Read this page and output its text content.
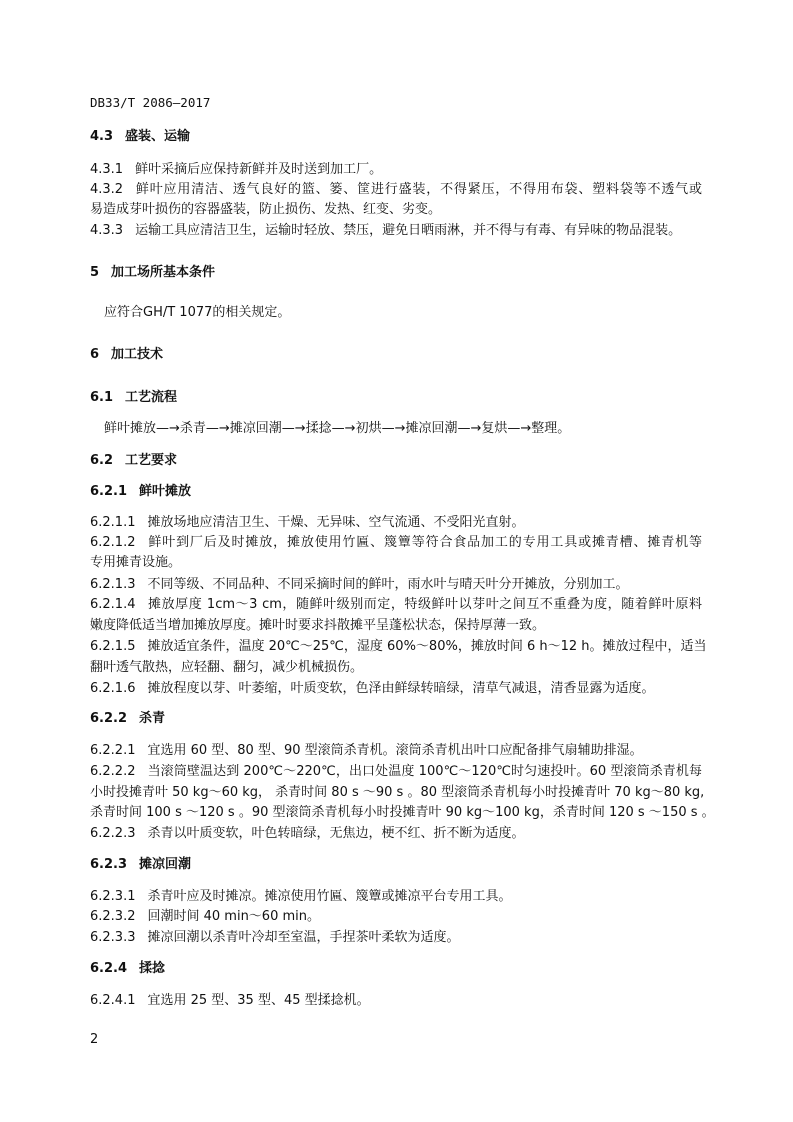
DB33/T 2086—2017
4.3 盛装、运输
4.3.1 鲜叶采摘后应保持新鲜并及时送到加工厂。
4.3.2 鲜叶应用清洁、透气良好的篮、篓、筐进行盛装，不得紧压，不得用布袋、塑料袋等不透气或
易造成芽叶损伤的容器盛装，防止损伤、发热、红变、劣变。
4.3.3 运输工具应清洁卫生，运输时轻放、禁压，避免日晒雨淋，并不得与有毒、有异味的物品混装。
5 加工场所基本条件
应符合GH/T 1077的相关规定。
6 加工技术
6.1 工艺流程
鲜叶摊放—→杀青—→摊凉回潮—→揉捻—→初烘—→摊凉回潮—→复烘—→整理。
6.2 工艺要求
6.2.1 鲜叶摊放
6.2.1.1 摊放场地应清洁卫生、干燥、无异味、空气流通、不受阳光直射。
6.2.1.2 鲜叶到厂后及时摊放，摊放使用竹匾、篾簟等符合食品加工的专用工具或摊青槽、摊青机等
专用摊青设施。
6.2.1.3 不同等级、不同品种、不同采摘时间的鲜叶，雨水叶与晴天叶分开摊放，分别加工。
6.2.1.4 摊放厚度 1cm～3 cm，随鲜叶级别而定，特级鲜叶以芽叶之间互不重叠为度，随着鲜叶原料
嫩度降低适当增加摊放厚度。摊叶时要求抖散摊平呈蓬松状态，保持厚薄一致。
6.2.1.5 摊放适宜条件，温度 20℃～25℃，湿度 60%～80%，摊放时间 6 h～12 h。摊放过程中，适当
翻叶透气散热，应轻翻、翻匀，减少机械损伤。
6.2.1.6 摊放程度以芽、叶萎缩，叶质变软，色泽由鲜绿转暗绿，清草气减退，清香显露为适度。
6.2.2 杀青
6.2.2.1 宜选用 60 型、80 型、90 型滚筒杀青机。滚筒杀青机出叶口应配备排气扇辅助排湿。
6.2.2.2 当滚筒壁温达到 200℃～220℃，出口处温度 100℃～120℃时匀速投叶。60 型滚筒杀青机每
小时投摊青叶 50 kg～60 kg， 杀青时间 80 s ～90 s 。80 型滚筒杀青机每小时投摊青叶 70 kg～80 kg,
杀青时间 100 s ～120 s 。90 型滚筒杀青机每小时投摊青叶 90 kg～100 kg，杀青时间 120 s ～150 s 。
6.2.2.3 杀青以叶质变软，叶色转暗绿，无焦边，梗不红、折不断为适度。
6.2.3 摊凉回潮
6.2.3.1 杀青叶应及时摊凉。摊凉使用竹匾、篾簟或摊凉平台专用工具。
6.2.3.2 回潮时间 40 min～60 min。
6.2.3.3 摊凉回潮以杀青叶冷却至室温，手捏茶叶柔软为适度。
6.2.4 揉捻
6.2.4.1 宜选用 25 型、35 型、45 型揉捻机。
2
